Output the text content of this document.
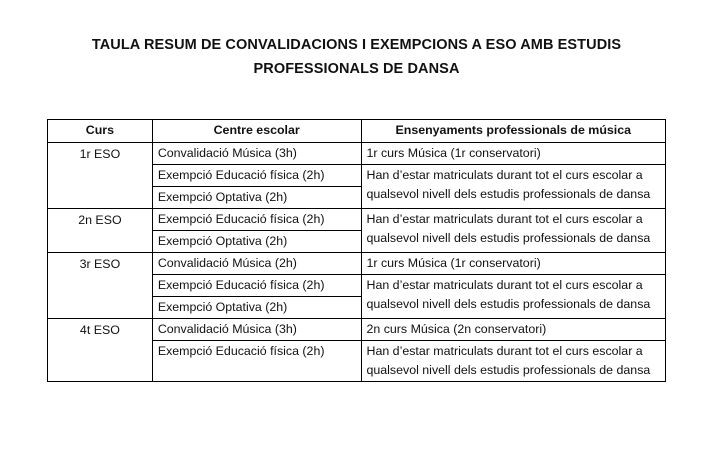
TAULA RESUM DE CONVALIDACIONS I EXEMPCIONS A ESO AMB ESTUDIS
PROFESSIONALS DE DANSA
Curs	Centre escolar	Ensenyaments professionals de música
1r ESO	Convalidació Música (3h)	1r curs Música (1r conservatori)
	Exempció Educació física (2h)	Han d’estar matriculats durant tot el curs escolar a qualsevol nivell dels estudis professionals de dansa
	Exempció Optativa (2h)	
2n ESO	Exempció Educació física (2h)	Han d’estar matriculats durant tot el curs escolar a qualsevol nivell dels estudis professionals de dansa
	Exempció Optativa (2h)	
3r ESO	Convalidació Música (2h)	1r curs Música (1r conservatori)
	Exempció Educació física (2h)	Han d’estar matriculats durant tot el curs escolar a qualsevol nivell dels estudis professionals de dansa
	Exempció Optativa (2h)	
4t ESO	Convalidació Música (3h)	2n curs Música (2n conservatori)
	Exempció Educació física (2h)	Han d’estar matriculats durant tot el curs escolar a qualsevol nivell dels estudis professionals de dansa
